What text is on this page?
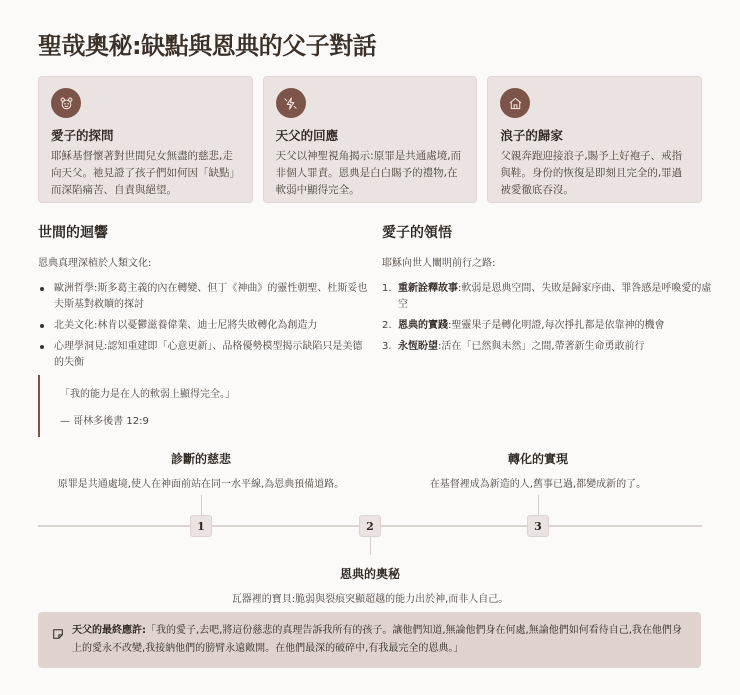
聖哉奧秘:缺點與恩典的父子對話
愛子的探問
耶穌基督懷著對世間兒女無盡的慈悲,走向天父。祂見證了孩子們如何因「缺點」而深陷痛苦、自責與絕望。
天父的回應
天父以神聖視角揭示:原罪是共通處境,而非個人罪責。恩典是白白賜予的禮物,在軟弱中顯得完全。
浪子的歸家
父親奔跑迎接浪子,賜予上好袍子、戒指與鞋。身份的恢復是即刻且完全的,罪過被愛徹底吞沒。
世間的迴響
恩典真理深植於人類文化:
歐洲哲學:斯多葛主義的內在轉變、但丁《神曲》的靈性朝聖、杜斯妥也夫斯基對救贖的探討
北美文化:林肯以憂鬱滋養偉業、迪士尼將失敗轉化為創造力
心理學洞見:認知重建即「心意更新」、品格優勢模型揭示缺陷只是美德的失衡
愛子的領悟
耶穌向世人闡明前行之路:
1. 重新詮釋故事:軟弱是恩典空間、失敗是歸家序曲、罪咎感是呼喚愛的虛空
2. 恩典的實踐:聖靈果子是轉化明證,每次掙扎都是依靠神的機會
3. 永恆盼望:活在「已然與未然」之間,帶著新生命勇敢前行
「我的能力是在人的軟弱上顯得完全。」
— 哥林多後書 12:9
診斷的慈悲
原罪是共通處境,使人在神面前站在同一水平線,為恩典預備道路。
1	2
恩典的奧秘
瓦器裡的寶貝:脆弱與裂痕突顯超越的能力出於神,而非人自己。
轉化的實現
在基督裡成為新造的人,舊事已過,都變成新的了。
3
天父的最終應許:「我的愛子,去吧,將這份慈悲的真理告訴我所有的孩子。讓他們知道,無論他們身在何處,無論他們如何看待自己,我在他們身上的愛永不改變,我接納他們的膀臂永遠敞開。在他們最深的破碎中,有我最完全的恩典。」
